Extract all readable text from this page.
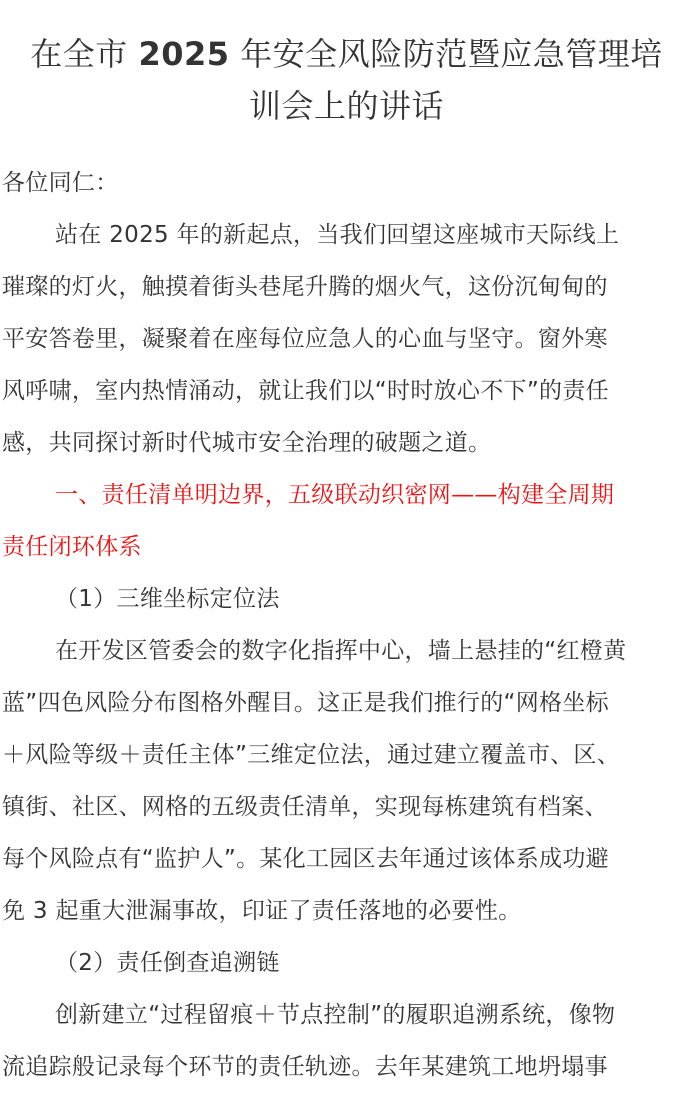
在全市 2025 年安全风险防范暨应急管理培
训会上的讲话

各位同仁：

站在 2025 年的新起点，当我们回望这座城市天际线上
璀璨的灯火，触摸着街头巷尾升腾的烟火气，这份沉甸甸的
平安答卷里，凝聚着在座每位应急人的心血与坚守。窗外寒
风呼啸，室内热情涌动，就让我们以“时时放心不下”的责任
感，共同探讨新时代城市安全治理的破题之道。

一、责任清单明边界，五级联动织密网——构建全周期
责任闭环体系

（1）三维坐标定位法

在开发区管委会的数字化指挥中心，墙上悬挂的“红橙黄
蓝”四色风险分布图格外醒目。这正是我们推行的“网格坐标
＋风险等级＋责任主体”三维定位法，通过建立覆盖市、区、
镇街、社区、网格的五级责任清单，实现每栋建筑有档案、
每个风险点有“监护人”。某化工园区去年通过该体系成功避
免 3 起重大泄漏事故，印证了责任落地的必要性。

（2）责任倒查追溯链

创新建立“过程留痕＋节点控制”的履职追溯系统，像物
流追踪般记录每个环节的责任轨迹。去年某建筑工地坍塌事
